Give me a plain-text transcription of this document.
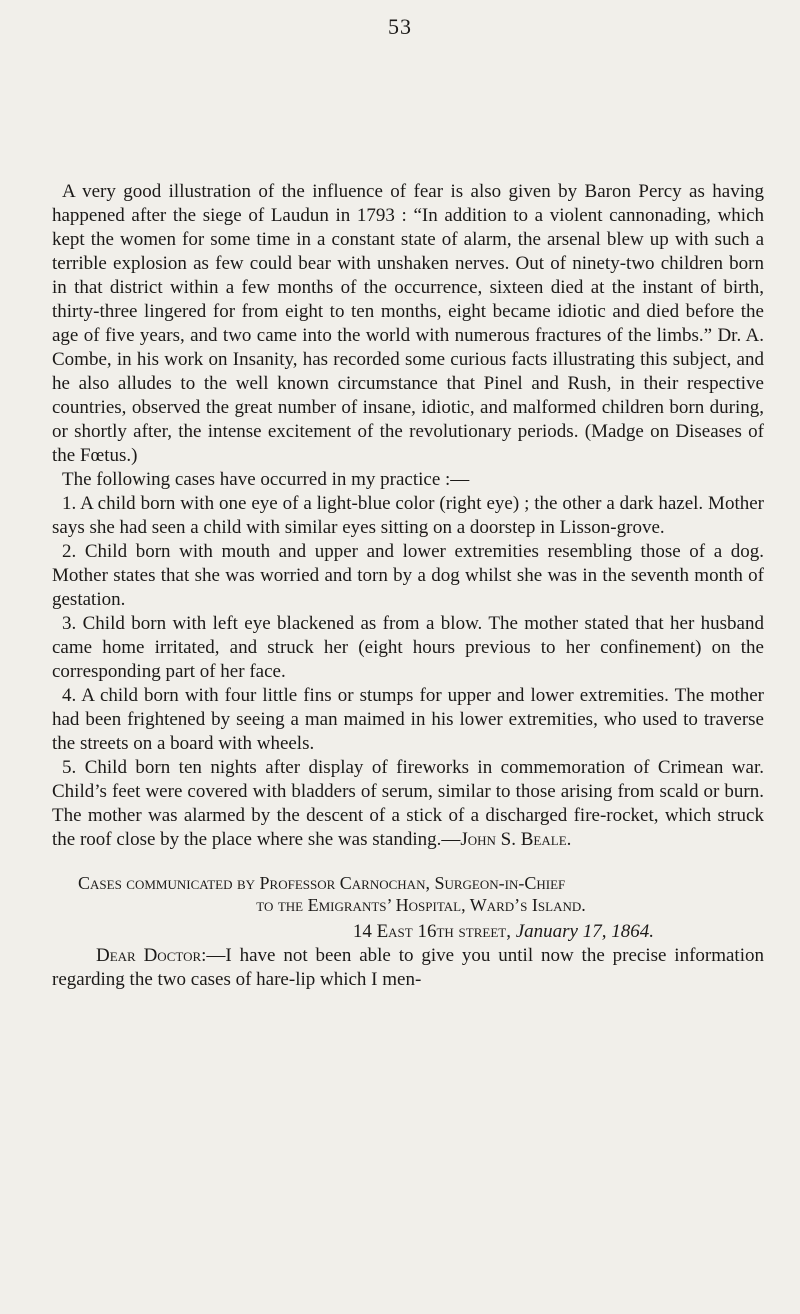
53

A very good illustration of the influence of fear is also given by Baron Percy as having happened after the siege of Laudun in 1793 : “In addition to a violent cannonading, which kept the women for some time in a constant state of alarm, the arsenal blew up with such a terrible explosion as few could bear with unshaken nerves. Out of ninety-two children born in that district within a few months of the occurrence, sixteen died at the instant of birth, thirty-three lingered for from eight to ten months, eight became idiotic and died before the age of five years, and two came into the world with numerous fractures of the limbs.” Dr. A. Combe, in his work on Insanity, has recorded some curious facts illustrating this subject, and he also alludes to the well known circumstance that Pinel and Rush, in their respective countries, observed the great number of insane, idiotic, and malformed children born during, or shortly after, the intense excitement of the revolutionary periods. (Madge on Diseases of the Fœtus.)

The following cases have occurred in my practice :—

1. A child born with one eye of a light-blue color (right eye) ; the other a dark hazel. Mother says she had seen a child with similar eyes sitting on a doorstep in Lisson-grove.

2. Child born with mouth and upper and lower extremities resembling those of a dog. Mother states that she was worried and torn by a dog whilst she was in the seventh month of gestation.

3. Child born with left eye blackened as from a blow. The mother stated that her husband came home irritated, and struck her (eight hours previous to her confinement) on the corresponding part of her face.

4. A child born with four little fins or stumps for upper and lower extremities. The mother had been frightened by seeing a man maimed in his lower extremities, who used to traverse the streets on a board with wheels.

5. Child born ten nights after display of fireworks in commemoration of Crimean war. Child’s feet were covered with bladders of serum, similar to those arising from scald or burn. The mother was alarmed by the descent of a stick of a discharged fire-rocket, which struck the roof close by the place where she was standing.—John S. Beale.

Cases communicated by Professor Carnochan, Surgeon-in-Chief
to the Emigrants’ Hospital, Ward’s Island.

14 East 16th street, January 17, 1864.

Dear Doctor:—I have not been able to give you until now the precise information regarding the two cases of hare-lip which I men-
